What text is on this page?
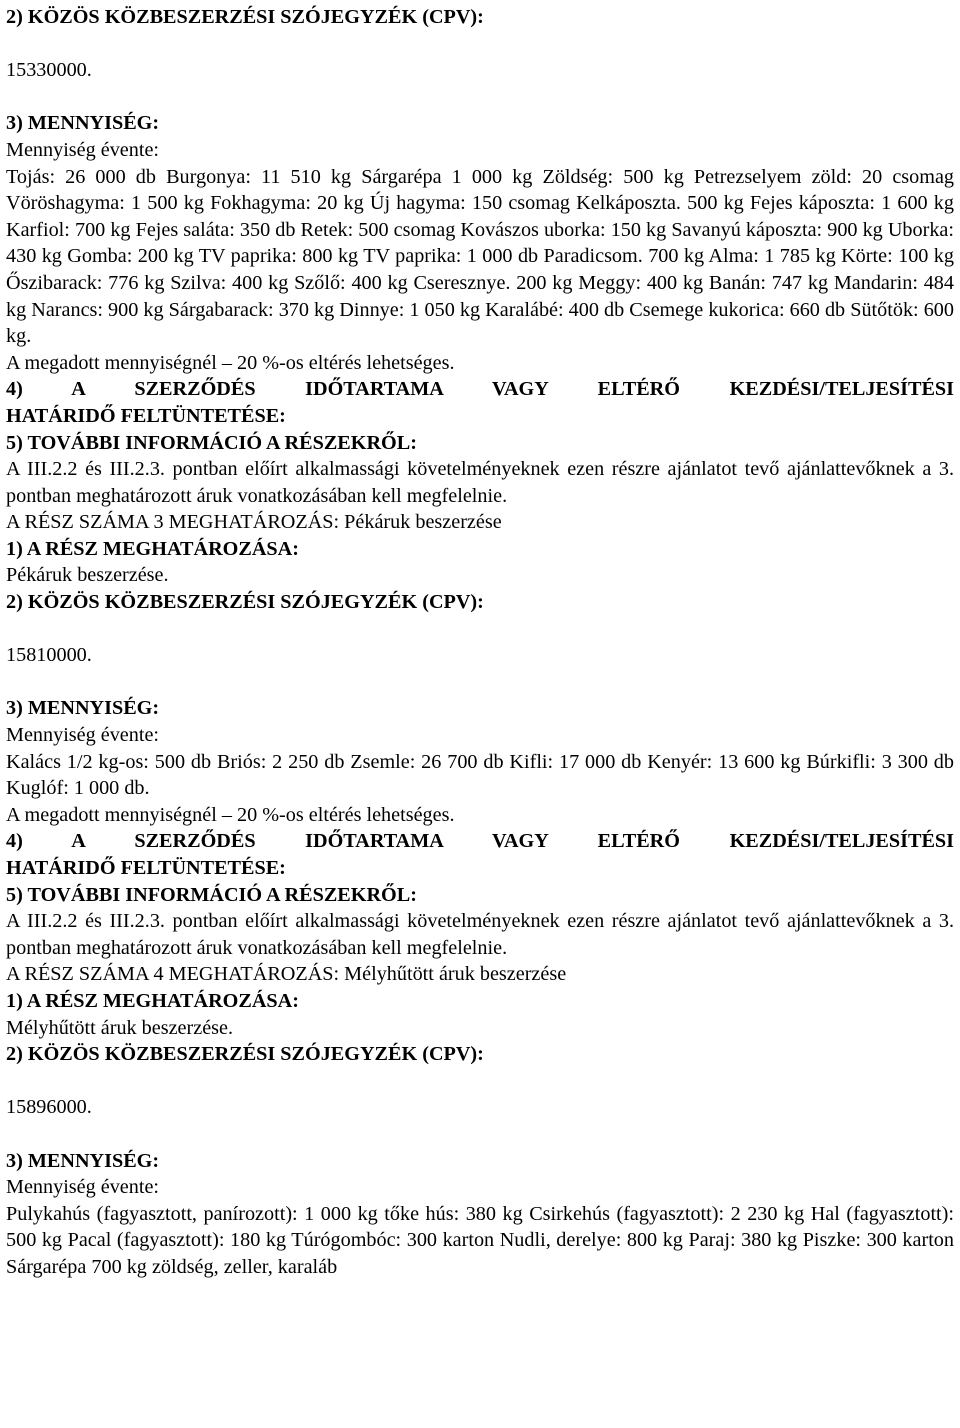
2) KÖZÖS KÖZBESZERZÉSI SZÓJEGYZÉK (CPV):

15330000.

3) MENNYISÉG:

Mennyiség évente:

Tojás: 26 000 db Burgonya: 11 510 kg Sárgarépa 1 000 kg Zöldség: 500 kg Petrezselyem zöld: 20 csomag Vöröshagyma: 1 500 kg Fokhagyma: 20 kg Új hagyma: 150 csomag Kelkáposzta. 500 kg Fejes káposzta: 1 600 kg Karfiol: 700 kg Fejes saláta: 350 db Retek: 500 csomag Kovászos uborka: 150 kg Savanyú káposzta: 900 kg Uborka: 430 kg Gomba: 200 kg TV paprika: 800 kg TV paprika: 1 000 db Paradicsom. 700 kg Alma: 1 785 kg Körte: 100 kg Őszibarack: 776 kg Szilva: 400 kg Szőlő: 400 kg Cseresznye. 200 kg Meggy: 400 kg Banán: 747 kg Mandarin: 484 kg Narancs: 900 kg Sárgabarack: 370 kg Dinnye: 1 050 kg Karalábé: 400 db Csemege kukorica: 660 db Sütőtök: 600 kg.

A megadott mennyiségnél – 20 %-os eltérés lehetséges.

4) A SZERZŐDÉS IDŐTARTAMA VAGY ELTÉRŐ KEZDÉSI/TELJESÍTÉSI

HATÁRIDŐ FELTÜNTETÉSE:

5) TOVÁBBI INFORMÁCIÓ A RÉSZEKRŐL:

A III.2.2 és III.2.3. pontban előírt alkalmassági követelményeknek ezen részre ajánlatot tevő ajánlattevőknek a 3. pontban meghatározott áruk vonatkozásában kell megfelelnie.

A RÉSZ SZÁMA 3 MEGHATÁROZÁS: Pékáruk beszerzése

1) A RÉSZ MEGHATÁROZÁSA:

Pékáruk beszerzése.

2) KÖZÖS KÖZBESZERZÉSI SZÓJEGYZÉK (CPV):

15810000.

3) MENNYISÉG:

Mennyiség évente:

Kalács 1/2 kg-os: 500 db Briós: 2 250 db Zsemle: 26 700 db Kifli: 17 000 db Kenyér: 13 600 kg Búrkifli: 3 300 db Kuglóf: 1 000 db.

A megadott mennyiségnél – 20 %-os eltérés lehetséges.

4) A SZERZŐDÉS IDŐTARTAMA VAGY ELTÉRŐ KEZDÉSI/TELJESÍTÉSI

HATÁRIDŐ FELTÜNTETÉSE:

5) TOVÁBBI INFORMÁCIÓ A RÉSZEKRŐL:

A III.2.2 és III.2.3. pontban előírt alkalmassági követelményeknek ezen részre ajánlatot tevő ajánlattevőknek a 3. pontban meghatározott áruk vonatkozásában kell megfelelnie.

A RÉSZ SZÁMA 4 MEGHATÁROZÁS: Mélyhűtött áruk beszerzése

1) A RÉSZ MEGHATÁROZÁSA:

Mélyhűtött áruk beszerzése.

2) KÖZÖS KÖZBESZERZÉSI SZÓJEGYZÉK (CPV):

15896000.

3) MENNYISÉG:

Mennyiség évente:

Pulykahús (fagyasztott, panírozott): 1 000 kg tőke hús: 380 kg Csirkehús (fagyasztott): 2 230 kg Hal (fagyasztott): 500 kg Pacal (fagyasztott): 180 kg Túrógombóc: 300 karton Nudli, derelye: 800 kg Paraj: 380 kg Piszke: 300 karton Sárgarépa 700 kg zöldség, zeller, karaláb
